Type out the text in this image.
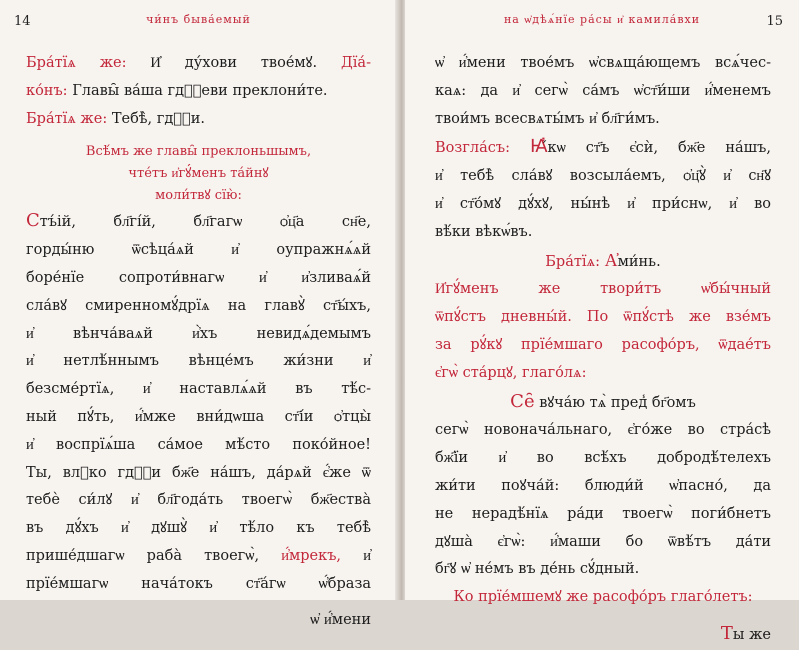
14	чи́нъ быва́емый
Бра́тїѧ же: И҆ ду́хови твое́мꙋ. Дїа́-
ко́нъ: Главы̑ ва́ша гдⷭ҇еви преклони́те.
Бра́тїѧ же: Тебѣ̀, гдⷭ҇и.
Всѣ́мъ же главы̑ преклоньшымъ,
чте́тъ и҆гꙋ́менъ та́йнꙋ
моли́твꙋ сїю̀:
Стъ́ій, бл҃гі́й, бл҃гагѡ ѻ҆ц҃а сн҃е,
горды́ню ѿсѣца́ѧй и҆ оупражнѧ́ѧй
боре́нїе сопроти́внагѡ и҆ и҆зливаѧ́й
сла́вꙋ смиренномꙋ́дрїѧ на главꙋ̀ ст҃ы́хъ,
и҆ вѣнча́ваѧй и҆̀хъ невидѧ́демымъ
и҆ нетлѣ́ннымъ вѣнце́мъ жи́зни и҆
безсме́ртїѧ, и҆ наставлѧ́ѧй въ тѣ́с-
ный пꙋ́ть, и҆́мже вни́дѡша ст҃і́и ѻ҆тцы̀
и҆ воспрїѧ́ша са́мое мѣ́сто поко́йное!
Ты, влⷣко гдⷭ҇и бж҃е на́шъ, да́рѧй є҆́же ѿ
тебѐ си́лꙋ и҆ бл҃года́ть твоегѡ̀ бж҃ества̀
въ дꙋ́хъ и҆ дꙋшꙋ̀ и҆ тѣ́ло къ тебѣ̀
прише́дшагѡ раба̀ твоегѡ̀, и҆́мрекъ, и҆
прїе́мшагѡ нача́токъ ст҃а́гѡ ѡ҆́браза
ѡ҆ и҆́мени
15
на ѡ҆дѣѧ́нїе ра́сы и҆ камила́вхи
ѡ҆ и҆́мени твое́мъ ѡ҆свѧща́ющемъ всѧ́чес-
каѧ: да и҆ сегѡ̀ са́мъ ѡ҆ст҃и́ши и҆́менемъ
твои́мъ всесвѧты́мъ и҆ бл҃ги́мъ.
Возгла́съ: Ꙗ҆́кѡ ст҃ъ є҆сѝ, бж҃е на́шъ,
и҆ тебѣ̀ сла́вꙋ возсыла́емъ, ѻ҆ц҃ꙋ̀ и҆ сн҃ꙋ
и҆ ст҃о́мꙋ дꙋ́хꙋ, ны́нѣ и҆ при́снѡ, и҆ во
вѣ́ки вѣкѡ́въ.
Бра́тїѧ: А҆ми́нь.
И҆гꙋ́менъ же твори́тъ ѡ҆бы́чный
ѿпꙋ́стъ дневны́й. По ѿпꙋ́стѣ же взе́мъ
за рꙋ́кꙋ прїе́мшаго расофо́ръ, ѿдае́тъ
є҆гѡ̀ ста́рцꙋ, глаго́лѧ:
Се̑ вꙋча́ю тѧ̀ пред̾ бг҃омъ
сегѡ̀ новонача́льнаго, є҆го́же во стра́сѣ
бж҃їи и҆ во всѣ́хъ добродѣ́телехъ
жи́ти поꙋча́й: блюди́й ѡ҆пасно́, да
не нерадѣ́нїѧ ра́ди твоегѡ̀ поги́бнетъ
дꙋша̀ є҆гѡ̀: и҆́маши бо ѿвѣ́тъ да́ти
бг҃ꙋ ѡ҆ не́мъ въ де́нь сꙋ́дный.
Ко прїе́мшемꙋ же расофо́ръ глаго́летъ:
Ты же
